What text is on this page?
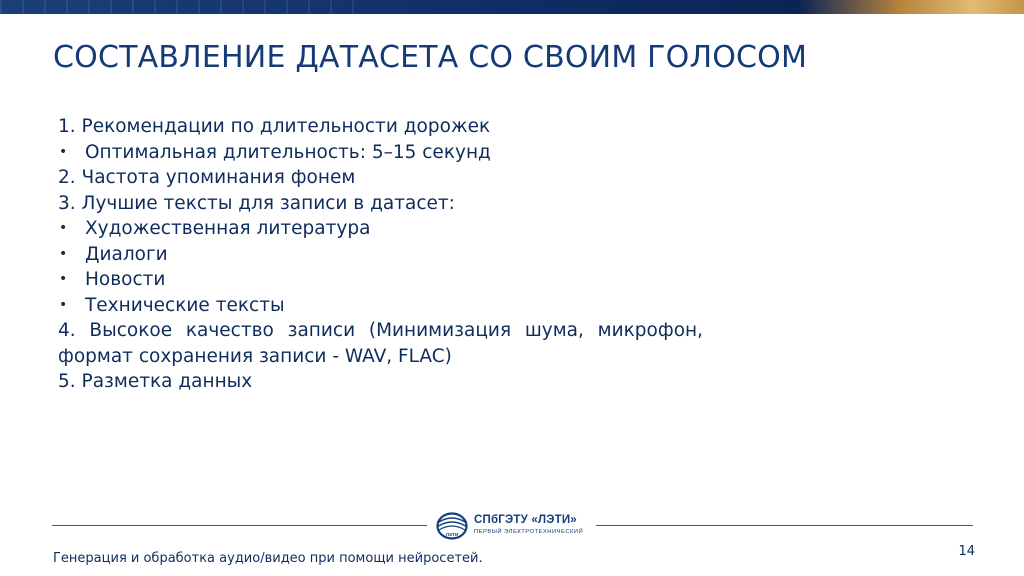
СОСТАВЛЕНИЕ ДАТАСЕТА СО СВОИМ ГОЛОСОМ
1. Рекомендации по длительности дорожек
• Оптимальная длительность: 5–15 секунд
2. Частота упоминания фонем
3. Лучшие тексты для записи в датасет:
• Художественная литература
• Диалоги
• Новости
• Технические тексты
4. Высокое качество записи (Минимизация шума, микрофон, формат сохранения записи - WAV, FLAC)
5. Разметка данных
ЛЭТИ
СПбГЭТУ «ЛЭТИ»
ПЕРВЫЙ ЭЛЕКТРОТЕХНИЧЕСКИЙ
14
Генерация и обработка аудио/видео при помощи нейросетей.
